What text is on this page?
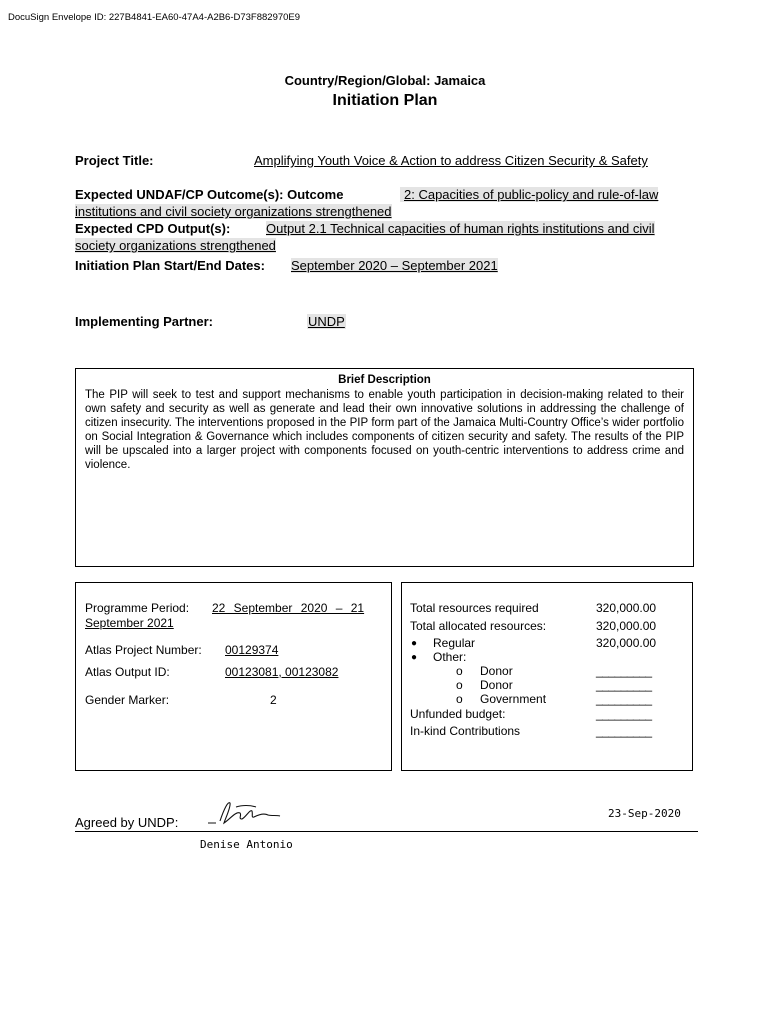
DocuSign Envelope ID: 227B4841-EA60-47A4-A2B6-D73F882970E9
Country/Region/Global: Jamaica
Initiation Plan
Project Title:	Amplifying Youth Voice & Action to address Citizen Security & Safety
Expected UNDAF/CP Outcome(s): Outcome	2: Capacities of public-policy and rule-of-law
institutions and civil society organizations strengthened
Expected CPD Output(s):	Output 2.1 Technical capacities of human rights institutions and civil
society organizations strengthened
Initiation Plan Start/End Dates: September 2020 – September 2021
Implementing Partner:	UNDP
Brief Description
The PIP will seek to test and support mechanisms to enable youth participation in decision-making related to their own safety and security as well as generate and lead their own innovative solutions in addressing the challenge of citizen insecurity. The interventions proposed in the PIP form part of the Jamaica Multi-Country Office’s wider portfolio on Social Integration & Governance which includes components of citizen security and safety. The results of the PIP will be upscaled into a larger project with components focused on youth-centric interventions to address crime and violence.
Programme Period: 22 September 2020 – 21
September 2021
Atlas Project Number: 00129374
Atlas Output ID:	00123081, 00123082
Gender Marker:	2
Total resources required	320,000.00
Total allocated resources:	320,000.00
● Regular	320,000.00
● Other:
o Donor	_________
o Donor	_________
o Government	_________
Unfunded budget:	_________
In-kind Contributions	_________
Agreed by UNDP:
23-Sep-2020
Denise Antonio
